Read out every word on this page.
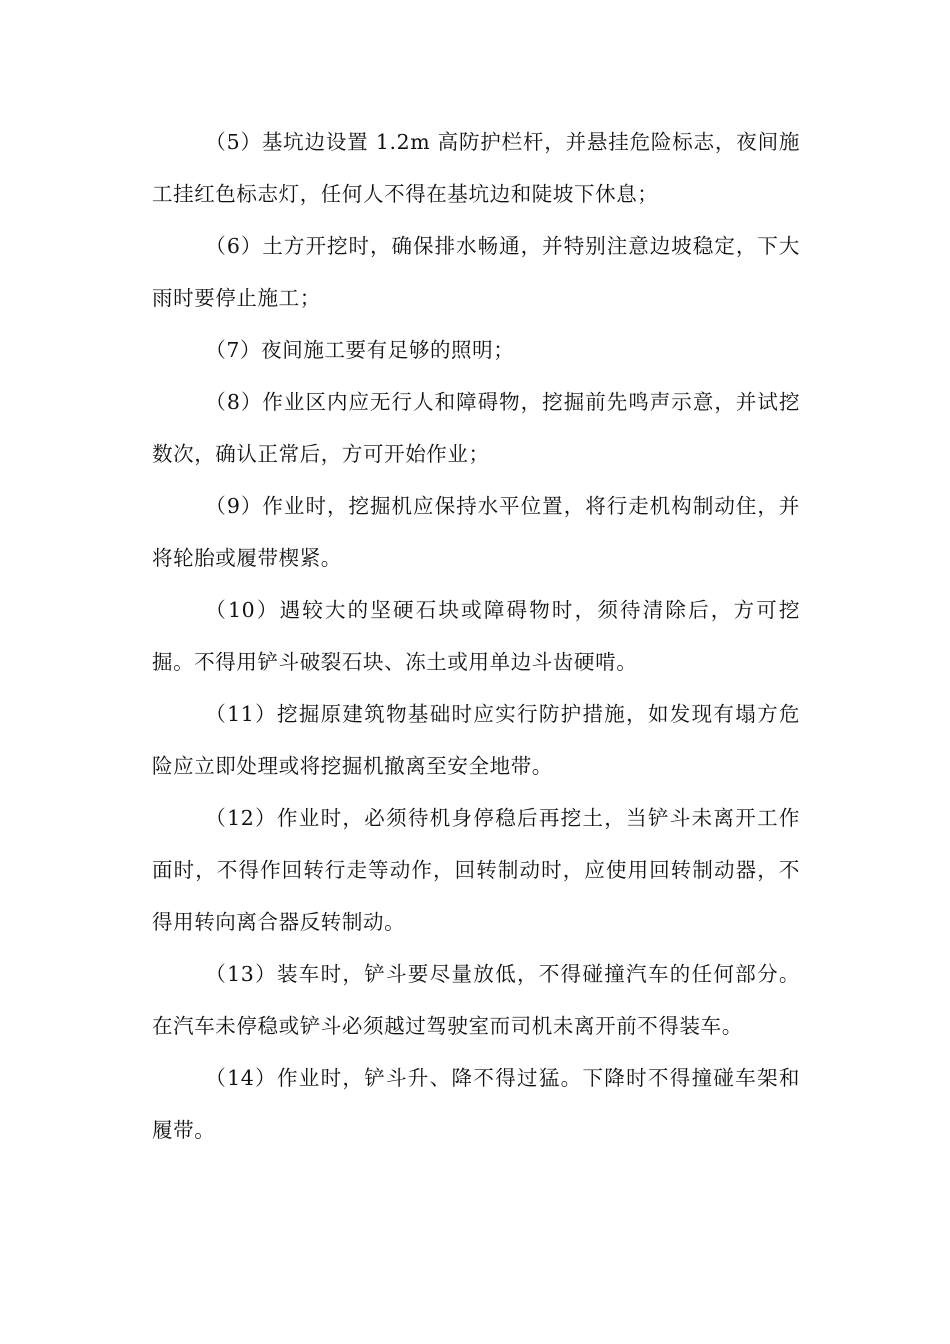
（5）基坑边设置 1.2m 高防护栏杆，并悬挂危险标志，夜间施工挂红色标志灯，任何人不得在基坑边和陡坡下休息；

（6）土方开挖时，确保排水畅通，并特别注意边坡稳定，下大雨时要停止施工；

（7）夜间施工要有足够的照明；

（8）作业区内应无行人和障碍物，挖掘前先鸣声示意，并试挖数次，确认正常后，方可开始作业；

（9）作业时，挖掘机应保持水平位置，将行走机构制动住，并将轮胎或履带楔紧。

（10）遇较大的坚硬石块或障碍物时，须待清除后，方可挖掘。不得用铲斗破裂石块、冻土或用单边斗齿硬啃。

（11）挖掘原建筑物基础时应实行防护措施，如发现有塌方危险应立即处理或将挖掘机撤离至安全地带。

（12）作业时，必须待机身停稳后再挖土，当铲斗未离开工作面时，不得作回转行走等动作，回转制动时，应使用回转制动器，不得用转向离合器反转制动。

（13）装车时，铲斗要尽量放低，不得碰撞汽车的任何部分。在汽车未停稳或铲斗必须越过驾驶室而司机未离开前不得装车。

（14）作业时，铲斗升、降不得过猛。下降时不得撞碰车架和履带。
